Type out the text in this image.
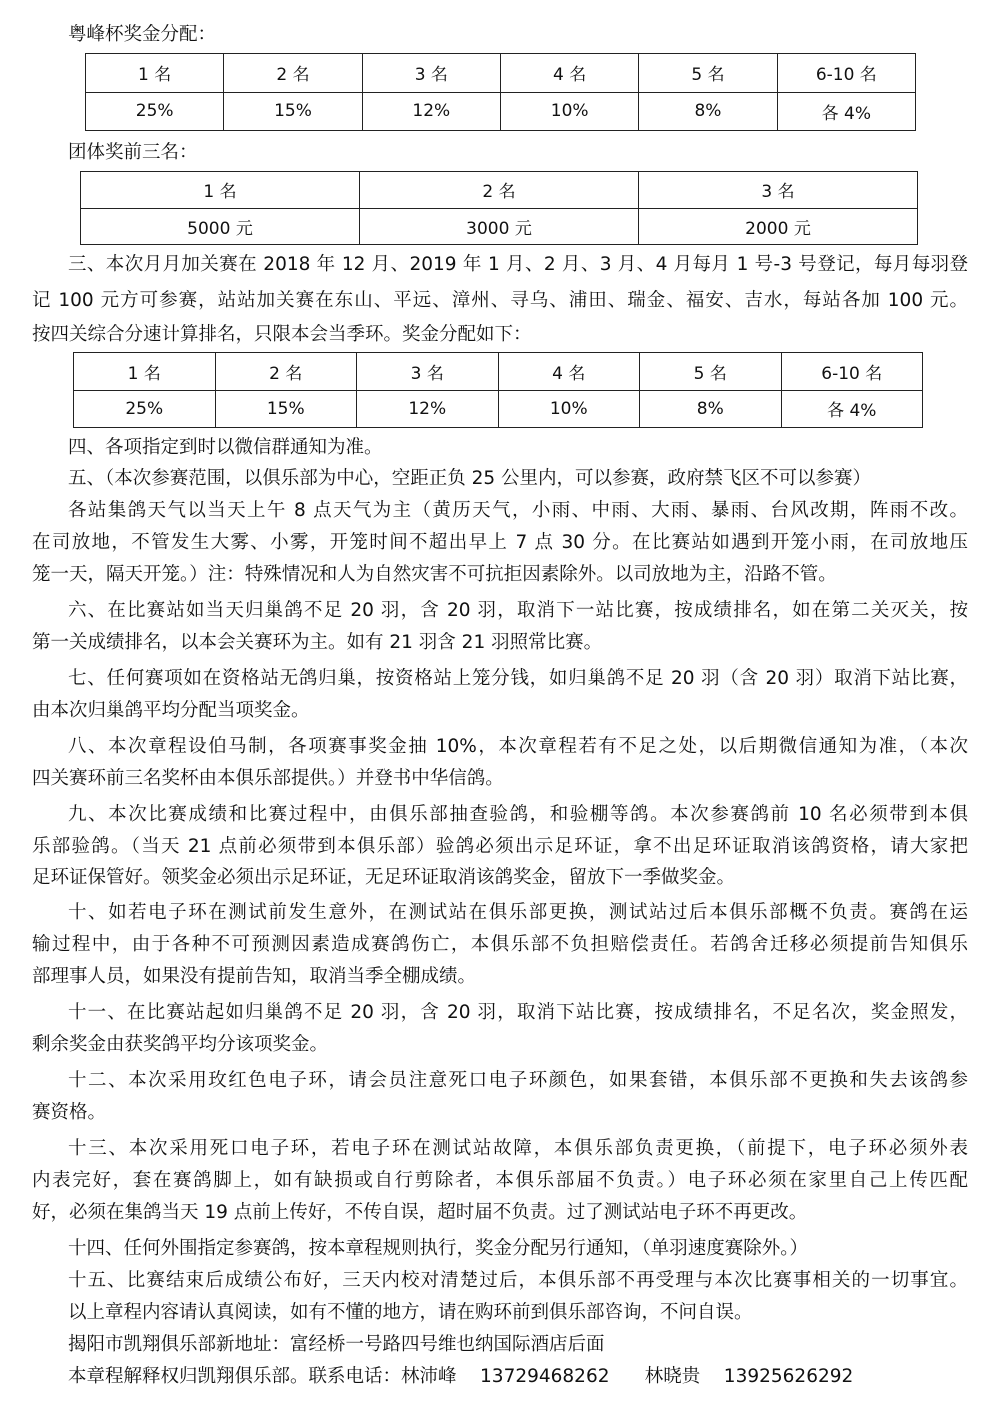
粤峰杯奖金分配：
1 名	2 名	3 名	4 名	5 名	6-10 名
25%	15%	12%	10%	8%	各 4%
团体奖前三名：
1 名	2 名	3 名
5000 元	3000 元	2000 元
三、本次月月加关赛在 2018 年 12 月、2019 年 1 月、2 月、3 月、4 月每月 1 号-3 号登记，每月每羽登
记 100 元方可参赛，站站加关赛在东山、平远、漳州、寻乌、浦田、瑞金、福安、吉水，每站各加 100 元。
按四关综合分速计算排名，只限本会当季环。奖金分配如下：
1 名	2 名	3 名	4 名	5 名	6-10 名
25%	15%	12%	10%	8%	各 4%
四、各项指定到时以微信群通知为准。
五、（本次参赛范围，以俱乐部为中心，空距正负 25 公里内，可以参赛，政府禁飞区不可以参赛）
各站集鸽天气以当天上午 8 点天气为主（黄历天气，小雨、中雨、大雨、暴雨、台风改期，阵雨不改。
在司放地，不管发生大雾、小雾，开笼时间不超出早上 7 点 30 分。在比赛站如遇到开笼小雨，在司放地压
笼一天，隔天开笼。）注：特殊情况和人为自然灾害不可抗拒因素除外。以司放地为主，沿路不管。
六、在比赛站如当天归巢鸽不足 20 羽，含 20 羽，取消下一站比赛，按成绩排名，如在第二关灭关，按
第一关成绩排名，以本会关赛环为主。如有 21 羽含 21 羽照常比赛。
七、任何赛项如在资格站无鸽归巢，按资格站上笼分钱，如归巢鸽不足 20 羽（含 20 羽）取消下站比赛，
由本次归巢鸽平均分配当项奖金。
八、本次章程设伯马制，各项赛事奖金抽 10%，本次章程若有不足之处，以后期微信通知为准，（本次
四关赛环前三名奖杯由本俱乐部提供。）并登书中华信鸽。
九、本次比赛成绩和比赛过程中，由俱乐部抽查验鸽，和验棚等鸽。本次参赛鸽前 10 名必须带到本俱
乐部验鸽。（当天 21 点前必须带到本俱乐部）验鸽必须出示足环证，拿不出足环证取消该鸽资格，请大家把
足环证保管好。领奖金必须出示足环证，无足环证取消该鸽奖金，留放下一季做奖金。
十、如若电子环在测试前发生意外，在测试站在俱乐部更换，测试站过后本俱乐部概不负责。赛鸽在运
输过程中，由于各种不可预测因素造成赛鸽伤亡，本俱乐部不负担赔偿责任。若鸽舍迁移必须提前告知俱乐
部理事人员，如果没有提前告知，取消当季全棚成绩。
十一、在比赛站起如归巢鸽不足 20 羽，含 20 羽，取消下站比赛，按成绩排名，不足名次，奖金照发，
剩余奖金由获奖鸽平均分该项奖金。
十二、本次采用玫红色电子环，请会员注意死口电子环颜色，如果套错，本俱乐部不更换和失去该鸽参
赛资格。
十三、本次采用死口电子环，若电子环在测试站故障，本俱乐部负责更换，（前提下，电子环必须外表
内表完好，套在赛鸽脚上，如有缺损或自行剪除者，本俱乐部届不负责。）电子环必须在家里自己上传匹配
好，必须在集鸽当天 19 点前上传好，不传自误，超时届不负责。过了测试站电子环不再更改。
十四、任何外围指定参赛鸽，按本章程规则执行，奖金分配另行通知，（单羽速度赛除外。）
十五、比赛结束后成绩公布好，三天内校对清楚过后，本俱乐部不再受理与本次比赛事相关的一切事宜。
以上章程内容请认真阅读，如有不懂的地方，请在购环前到俱乐部咨询，不问自误。
揭阳市凯翔俱乐部新地址：富经桥一号路四号维也纳国际酒店后面
本章程解释权归凯翔俱乐部。联系电话：林沛峰    13729468262      林晓贵    13925626292
